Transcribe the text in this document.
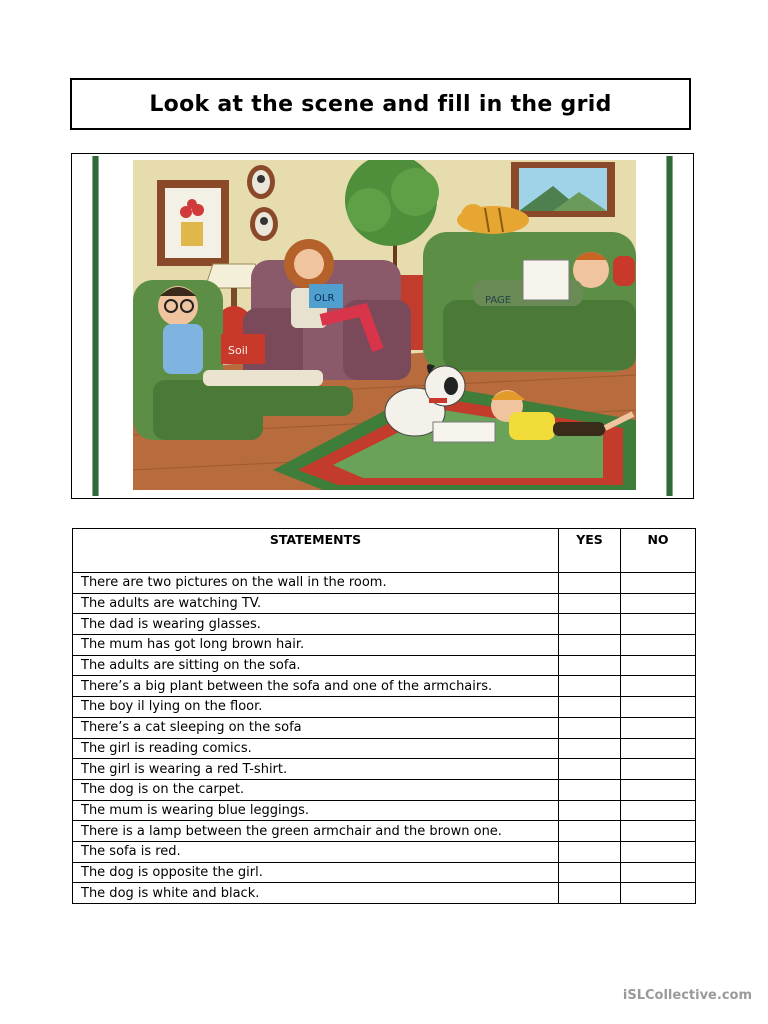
Look at the scene and fill in the grid
OLR
Soil
PAGE
STATEMENTS	YES	NO
There are two pictures on the wall in the room.		
The adults are watching TV.		
The dad is wearing glasses.		
The mum has got long brown hair.		
The adults are sitting on the sofa.		
There’s a big plant between the sofa and one of the armchairs.		
The boy il lying on the floor.		
There’s a cat sleeping on the sofa		
The girl is reading comics.		
The girl is wearing a red T-shirt.		
The dog is on the carpet.		
The mum is wearing blue leggings.		
There is a lamp between the green armchair and the brown one.		
The sofa is red.		
The dog is opposite the girl.		
The dog is white and black.		
iSLCollective.com
